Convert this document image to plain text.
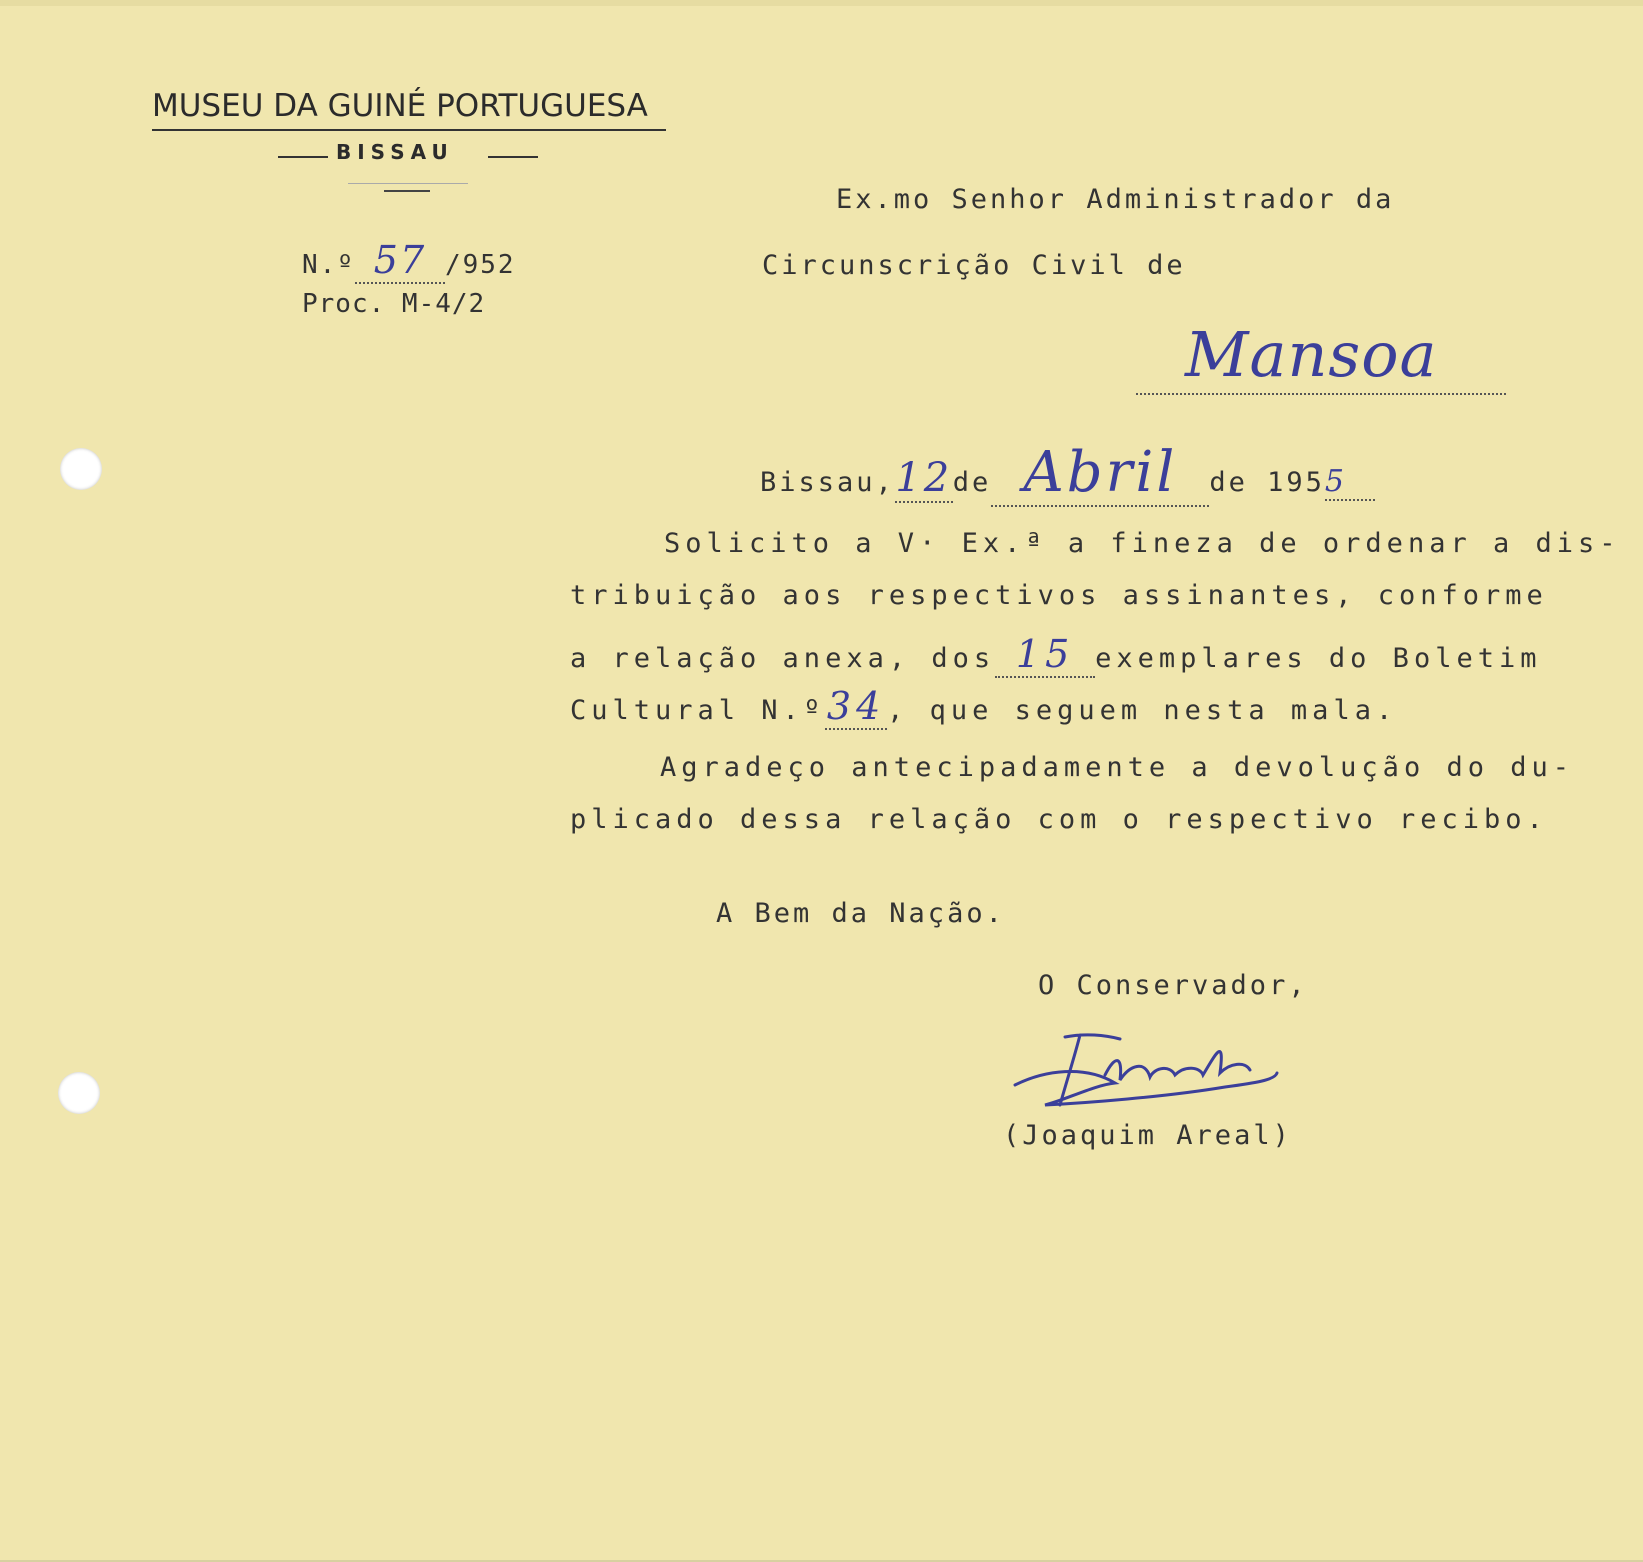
MUSEU DA GUINÉ PORTUGUESA
BISSAU
N.º 57 /952
Proc. M-4/2
Ex.mo Senhor Administrador da
Circunscrição Civil de
Mansoa
Bissau,12de Abril de 1955
Solicito a V· Ex.ª a fineza de ordenar a dis-
tribuição aos respectivos assinantes, conforme
a relação anexa, dos 15 exemplares do Boletim
Cultural N.º34, que seguem nesta mala.
Agradeço antecipadamente a devolução do du-
plicado dessa relação com o respectivo recibo.
A Bem da Nação.
O Conservador,
(Joaquim Areal)
